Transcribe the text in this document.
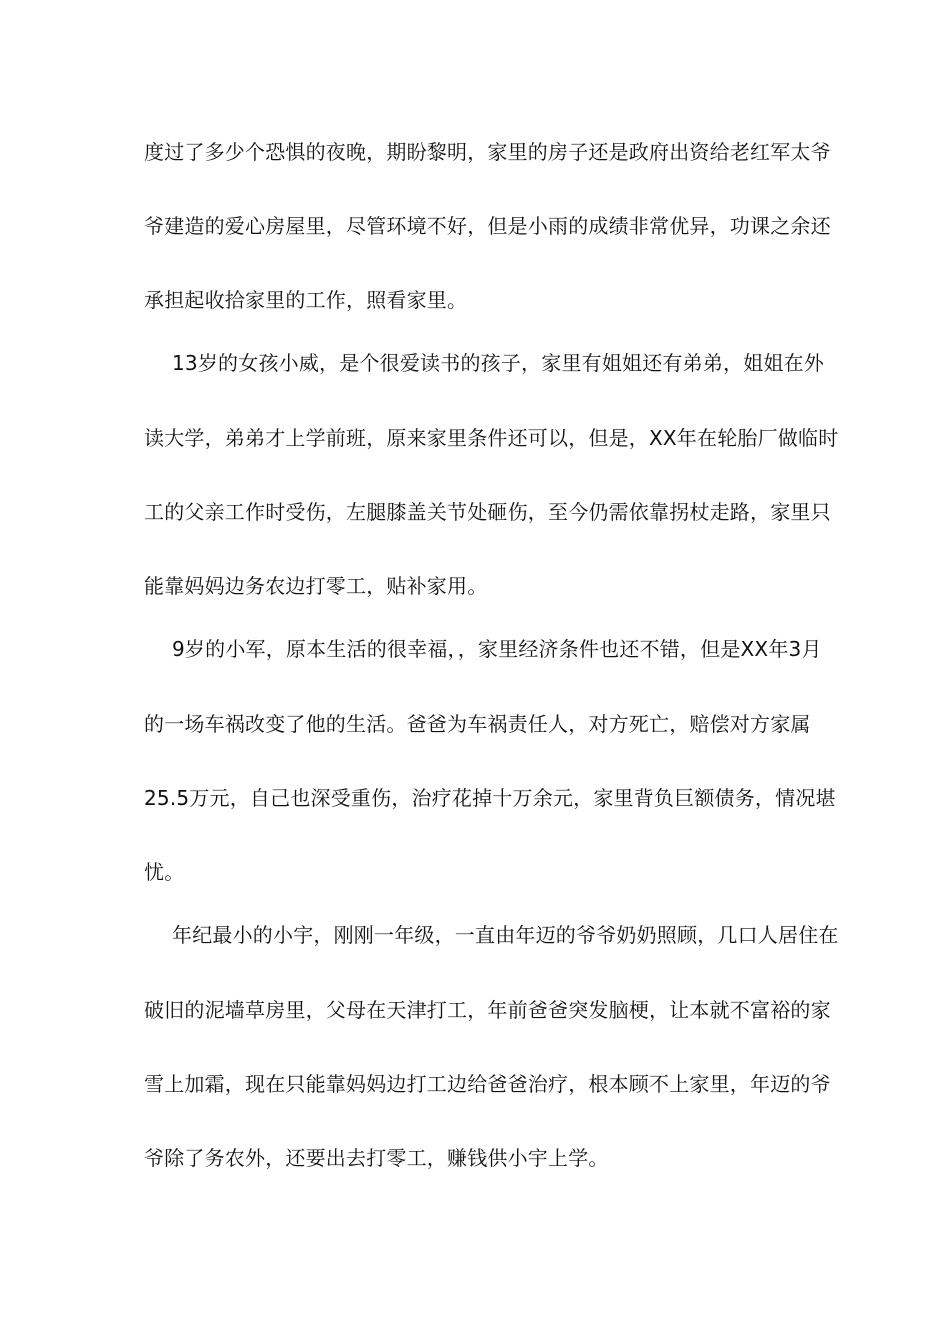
度过了多少个恐惧的夜晚，期盼黎明，家里的房子还是政府出资给老红军太爷
爷建造的爱心房屋里，尽管环境不好，但是小雨的成绩非常优异，功课之余还
承担起收拾家里的工作，照看家里。
13岁的女孩小威，是个很爱读书的孩子，家里有姐姐还有弟弟，姐姐在外
读大学，弟弟才上学前班，原来家里条件还可以，但是，XX年在轮胎厂做临时
工的父亲工作时受伤，左腿膝盖关节处砸伤，至今仍需依靠拐杖走路，家里只
能靠妈妈边务农边打零工，贴补家用。
9岁的小军，原本生活的很幸福，，家里经济条件也还不错，但是XX年3月
的一场车祸改变了他的生活。爸爸为车祸责任人，对方死亡，赔偿对方家属
25.5万元，自己也深受重伤，治疗花掉十万余元，家里背负巨额债务，情况堪
忧。
年纪最小的小宇，刚刚一年级，一直由年迈的爷爷奶奶照顾，几口人居住在
破旧的泥墙草房里，父母在天津打工，年前爸爸突发脑梗，让本就不富裕的家
雪上加霜，现在只能靠妈妈边打工边给爸爸治疗，根本顾不上家里，年迈的爷
爷除了务农外，还要出去打零工，赚钱供小宇上学。
